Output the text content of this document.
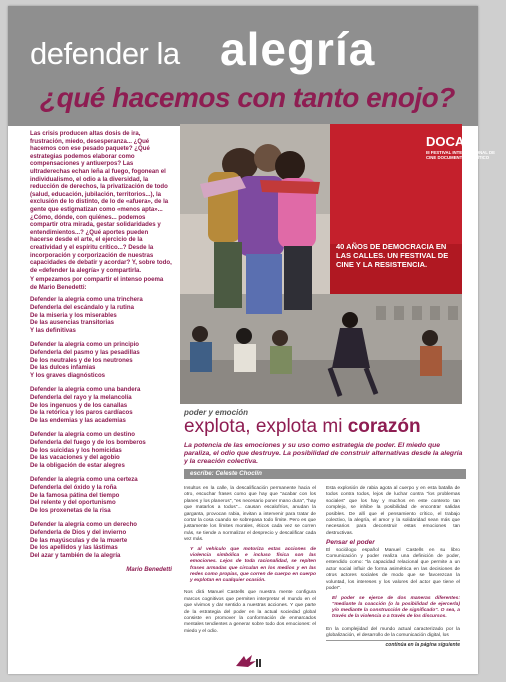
defender la alegría
¿qué hacemos con tanto enojo?

Las crisis producen altas dosis de ira, frustración, miedo, desesperanza... ¿Qué hacemos con ese pesado paquete? ¿Qué estrategias podemos elaborar como compensaciones y antiuerpos? Las ultraderechas echan leña al fuego, fogonean el individualismo, el odio a la diversidad, la reducción de derechos, la privatización de todo (salud, educación, jubilación, territorios...), la exclusión de lo distinto, de lo de «afuera», de la gente que estigmatizan como «menos apta»... ¿Cómo, dónde, con quiénes... podemos compartir otra mirada, gestar solidaridades y entendimientos...? ¿Qué aportes pueden hacerse desde el arte, el ejercicio de la creatividad y el espíritu crítico...? Desde la incorporación y corporización de nuestras capacidades de debatir y acordar? Y, sobre todo, de «defender la alegría» y compartirla.

Y empezamos por compartir el intenso poema de Mario Benedetti:

Defender la alegría como una trinchera
Defenderla del escándalo y la rutina
De la miseria y los miserables
De las ausencias transitorias
Y las definitivas
Defender la alegría como un principio
Defenderla del pasmo y las pesadillas
De los neutrales y de los neutrones
De las dulces infamias
Y los graves diagnósticos
Defender la alegría como una bandera
Defenderla del rayo y la melancolía
De los ingenuos y de los canallas
De la retórica y los paros cardíacos
De las endemias y las academias
Defender la alegría como un destino
Defenderla del fuego y de los bomberos
De los suicidas y los homicidas
De las vacaciones y del agobio
De la obligación de estar alegres
Defender la alegría como una certeza
Defenderla del óxido y la roña
De la famosa pátina del tiempo
Del relente y del oportunismo
De los proxenetas de la risa
Defender la alegría como un derecho
Defenderla de Dios y del invierno
De las mayúsculas y de la muerte
De los apellidos y las lástimas
Del azar y también de la alegría
Mario Benedetti
DOCA
III FESTIVAL INTERNACIONAL DE CINE DOCUMENTAL POLÍTICO
40 AÑOS DE DEMOCRACIA EN LAS CALLES. UN FESTIVAL DE CINE Y LA RESISTENCIA.
poder y emoción
explota, explota mi corazón
La potencia de las emociones y su uso como estrategia de poder. El miedo que paraliza, el odio que destruye. La posibilidad de construir alternativas desde la alegría y la creación colectiva.
escribe: Celeste Choclín

Insultos en la calle, la descalificación permanente hacia el otro, escuchar frases como que hay que "acabar con los planes y los planeros", "es necesario poner mano dura", "hay que matarlos a todos"... causan escalofríos, anudan la garganta, provocan rabia, invitan a intervenir para tratar de cortar la cosa cuando se sobrepasa todo límite. Pero es que justamente los límites morales, éticos cada vez se corren más, se tiende a normalizar el desprecio y descalificar cada vez más.

Y al vehículo que motoriza estas acciones de violencia simbólica e incluso física son las emociones. Lejos de toda racionalidad, se repiten frases armadas que circulan en los medios y en las redes como propias, que corren de cuerpo en cuerpo y explotan en cualquier ocasión.

Nos dirá Manuel Castells que nuestra mente configura marcos cognitivos que permiten interpretar el mundo en el que vivimos y dar sentido a nuestras acciones. Y que parte de la estrategia del poder en la actual sociedad global consiste en promover la conformación de enmarcados mentales tendientes a generar sobre todo dos emociones: el miedo y el odio.

Esta explosión de rabia agota al cuerpo y en esta batalla de todos contra todos, lejos de luchar contra "los problemas sociales" que los hay y muchos en este contexto tan complejo, se inhibe la posibilidad de encontrar salidas posibles. De allí que el pensamiento crítico, el trabajo colectivo, la alegría, el amor y la solidaridad sean más que necesarios para deconstruir estas emociones tan destructivas.

Pensar el poder

El sociólogo español Manuel Castells en su libro Comunicación y poder realiza una definición de poder, entendido como: "la capacidad relacional que permite a un actor social influir de forma asimétrica en las decisiones de otros actores sociales de modo que se favorezcan la voluntad, los intereses y los valores del actor que tiene el poder".

El poder se ejerce de dos maneras diferentes: "mediante la coacción (o la posibilidad de ejercerla) y/o mediante la construcción de significado". O sea, a través de la violencia o a través de los discursos.

En la complejidad del mundo actual caracterizado por la globalización, el desarrollo de la comunicación digital, los

continúa en la página siguiente
